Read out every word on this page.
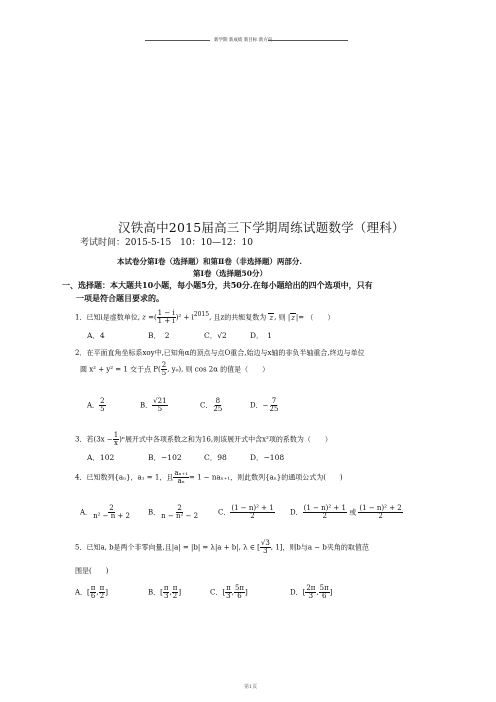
新学期 新成绩 新目标 新方向
汉铁高中2015届高三下学期周练试题数学（理科）
考试时间：2015-5-15　10：10—12：10
本试卷分第Ⅰ卷（选择题）和第Ⅱ卷（非选择题）两部分.
第Ⅰ卷（选择题50分）
一、选择题：本大题共10小题，每小题5分，共50分.在每小题给出的四个选项中，只有
一项是符合题目要求的。
1．已知i是虚数单位, z =( $\frac{1 - i}{1 + i} )^2 + i^{2015}$, 且z的共轭复数为 z, 则 |z|= （　　）
A．4	B．　2	C．√2	D．　1
2．在平面直角坐标系xoy中,已知角α的顶点与点O重合,始边与x轴的非负半轴重合,终边与单位
圆 x² + y² = 1 交于点 $P( \frac{2}{5}$ , y₀), 则 cos 2α 的值是（　　）
A． $\frac{2}{5}$	B． $\frac{√21}{5}$	C． $\frac{8}{25}$	D．− $\frac{7}{25}$
3．若$(3x - \frac{1}{x} )^n$展开式中各项系数之和为16,则该展开式中含x²项的系数为（　　）
A．102	B．−102	C．98	D．−108
4．已知数列{aₙ}，a₁ = 1，且 $\frac{\text{aₙ₊₁}}{\text{aₙ}} = 1 - na_{n+1}$，则此数列{aₙ}的通项公式为(　　)
A． $\frac{2}{\text{n² − n + 2}}$ B． $\frac{2}{\text{n − n² − 2}}$	C． $\frac{\text{(1 − n)² + 1}}{2}$ D． $\frac{\text{(1 − n)² + 1}}{2}$ 或 $\frac{\text{(1 − n)² + 2}}{2}$
5．已知a, b是两个非零向量,且|a| = |b| = λ|a + b|, λ ∈ [ $\frac{√3}{3}$ , 1]，则b与a − b夹角的取值范
围是(　　)
A．[ $\frac{\pi}{6}$ , $\frac{\pi}{2}$ ]	B．[ $\frac{\pi}{3}$ , $\frac{\pi}{2}$ ]	C．[ $\frac{\pi}{3}$ , $\frac{5\pi}{6}$ ]	D．[ $\frac{2\pi}{3}$ , $\frac{5\pi}{6}$ ]
第1页
